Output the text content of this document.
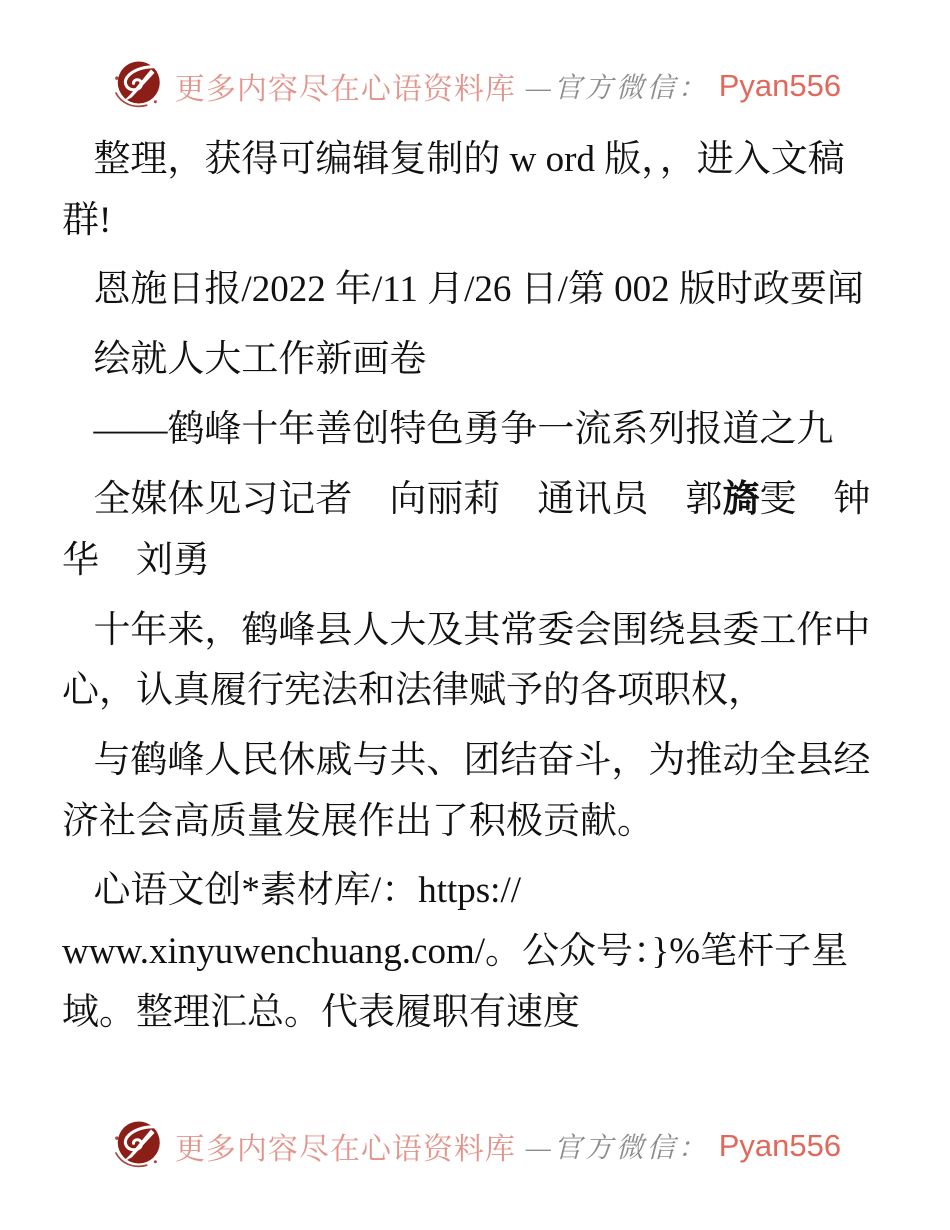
更多内容尽在心语资料库 —官方微信： Pyan556

整理，获得可编辑复制的 w ord 版，，进入文稿群!

恩施日报/2022 年/11 月/26 日/第 002 版时政要闻

绘就人大工作新画卷

——鹤峰十年善创特色勇争一流系列报道之九

全媒体见习记者　向丽莉　通讯员　郭旖雯　钟华　刘勇

十年来，鹤峰县人大及其常委会围绕县委工作中心，认真履行宪法和法律赋予的各项职权，

与鹤峰人民休戚与共、团结奋斗，为推动全县经济社会高质量发展作出了积极贡献。

心语文创*素材库/：https://
www.xinyuwenchuang.com/。公众号：}%笔杆子星域。整理汇总。代表履职有速度

更多内容尽在心语资料库 —官方微信： Pyan556
